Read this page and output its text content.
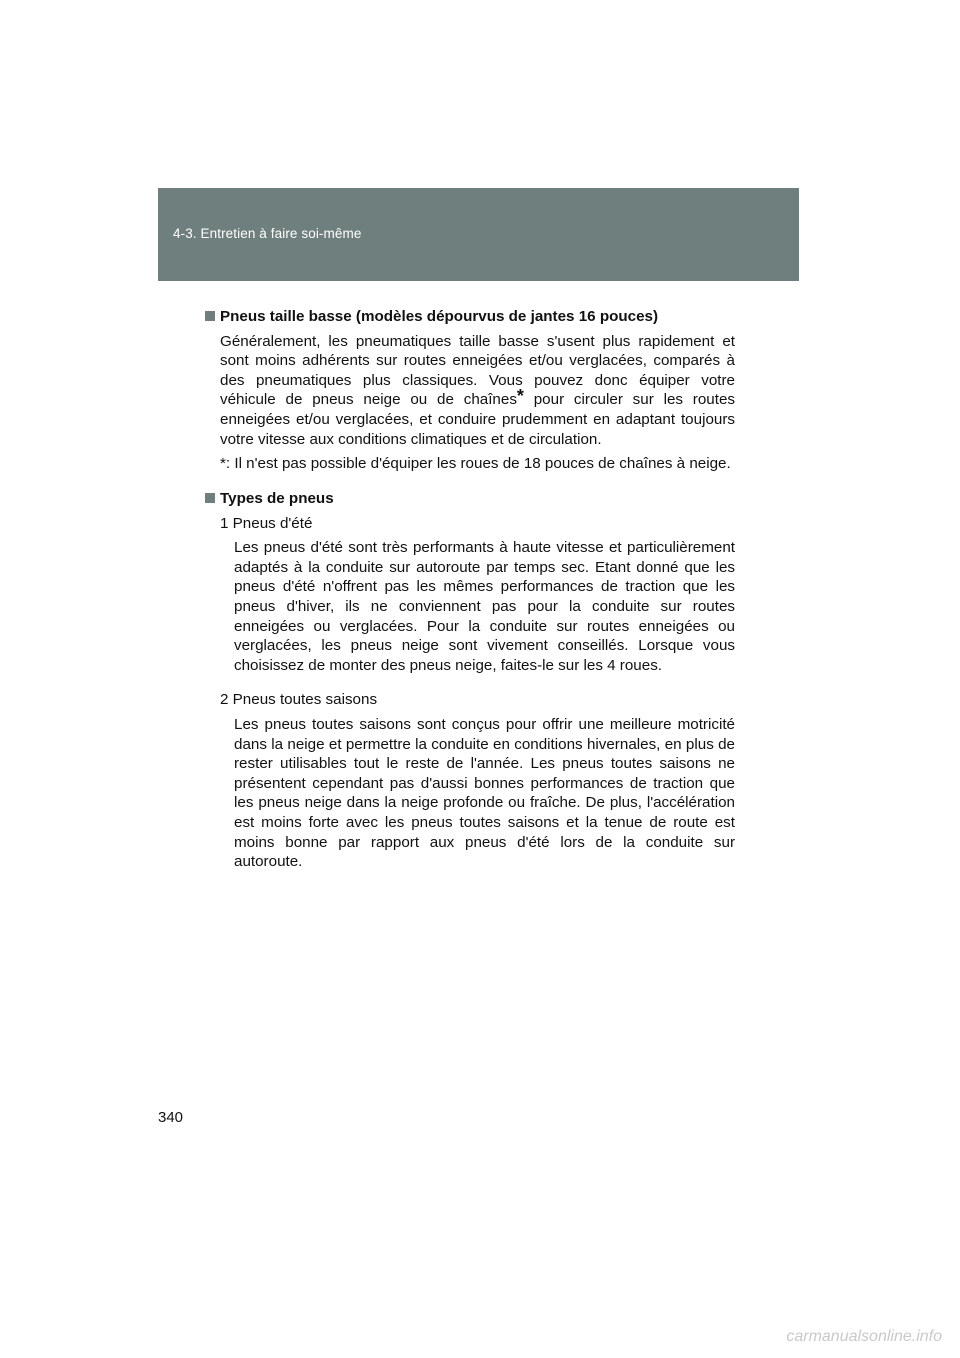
4-3. Entretien à faire soi-même

Pneus taille basse (modèles dépourvus de jantes 16 pouces)

Généralement, les pneumatiques taille basse s'usent plus rapidement et sont moins adhérents sur routes enneigées et/ou verglacées, comparés à des pneumatiques plus classiques. Vous pouvez donc équiper votre véhicule de pneus neige ou de chaînes* pour circuler sur les routes enneigées et/ou verglacées, et conduire prudemment en adaptant toujours votre vitesse aux conditions climatiques et de circulation.

*: Il n'est pas possible d'équiper les roues de 18 pouces de chaînes à neige.

Types de pneus

1 Pneus d'été

Les pneus d'été sont très performants à haute vitesse et particulièrement adaptés à la conduite sur autoroute par temps sec. Etant donné que les pneus d'été n'offrent pas les mêmes performances de traction que les pneus d'hiver, ils ne conviennent pas pour la conduite sur routes enneigées ou verglacées. Pour la conduite sur routes enneigées ou verglacées, les pneus neige sont vivement conseillés. Lorsque vous choisissez de monter des pneus neige, faites-le sur les 4 roues.

2 Pneus toutes saisons

Les pneus toutes saisons sont conçus pour offrir une meilleure motricité dans la neige et permettre la conduite en conditions hivernales, en plus de rester utilisables tout le reste de l'année. Les pneus toutes saisons ne présentent cependant pas d'aussi bonnes performances de traction que les pneus neige dans la neige profonde ou fraîche. De plus, l'accélération est moins forte avec les pneus toutes saisons et la tenue de route est moins bonne par rapport aux pneus d'été lors de la conduite sur autoroute.

340
carmanualsonline.info
